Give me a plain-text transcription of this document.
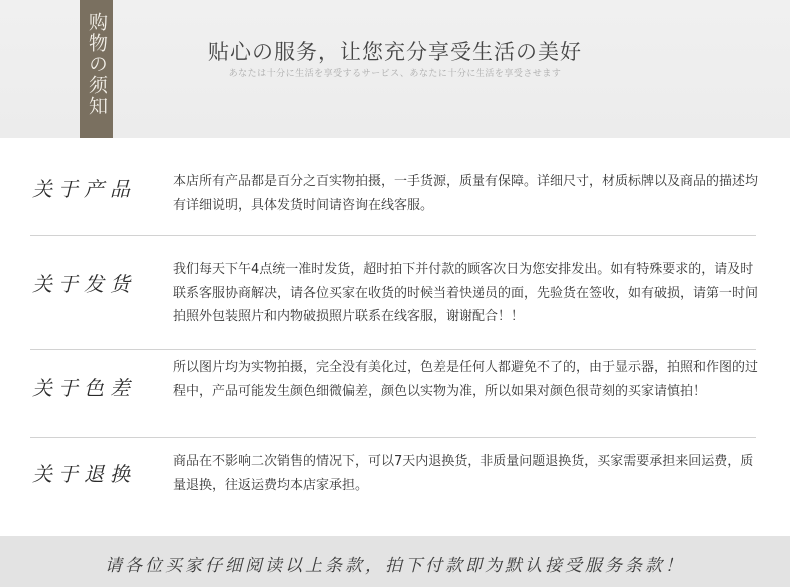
购物の须知	贴心の服务，让您充分享受生活の美好
あなたは十分に生活を享受するサービス、あなたに十分に生活を享受させます
关于产品	本店所有产品都是百分之百实物拍摄，一手货源，质量有保障。详细尺寸，材质标牌以及商品的描述均有详细说明，具体发货时间请咨询在线客服。
关于发货
我们每天下午4点统一准时发货，超时拍下并付款的顾客次日为您安排发出。如有特殊要求的，请及时联系客服协商解决，请各位买家在收货的时候当着快递员的面，先验货在签收，如有破损，请第一时间拍照外包装照片和内物破损照片联系在线客服，谢谢配合！！
关于色差
所以图片均为实物拍摄，完全没有美化过，色差是任何人都避免不了的，由于显示器，拍照和作图的过程中，产品可能发生颜色细微偏差，颜色以实物为准，所以如果对颜色很苛刻的买家请慎拍！
关于退换
商品在不影响二次销售的情况下，可以7天内退换货，非质量问题退换货，买家需要承担来回运费，质量退换，往返运费均本店家承担。
请各位买家仔细阅读以上条款，拍下付款即为默认接受服务条款！
